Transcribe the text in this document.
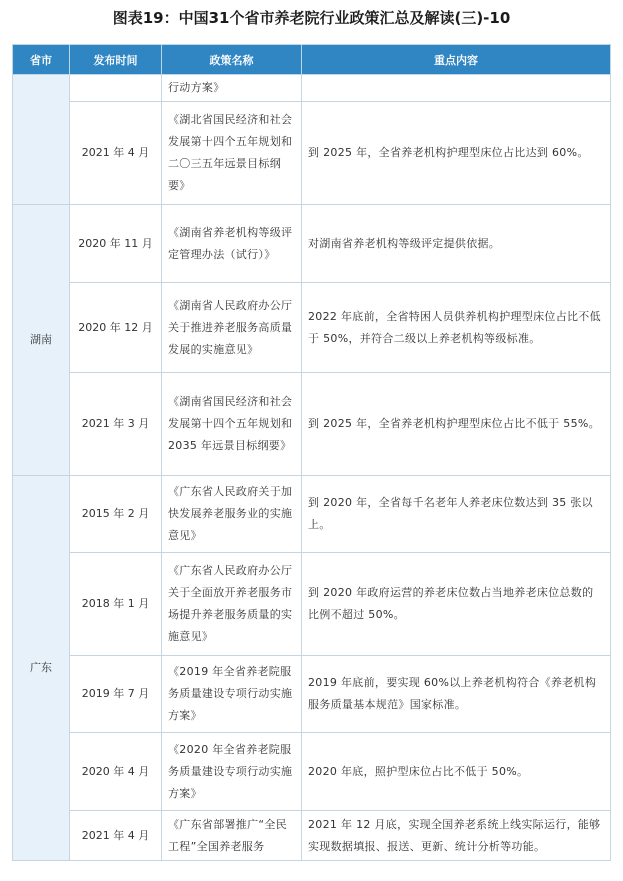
图表19：中国31个省市养老院行业政策汇总及解读(三)-10
省市	发布时间	政策名称	重点内容
		行动方案》	
	2021 年 4 月	《湖北省国民经济和社会发展第十四个五年规划和二〇三五年远景目标纲要》	到 2025 年，全省养老机构护理型床位占比达到 60%。
湖南	2020 年 11 月	《湖南省养老机构等级评定管理办法（试行）》	对湖南省养老机构等级评定提供依据。
	2020 年 12 月	《湖南省人民政府办公厅关于推进养老服务高质量发展的实施意见》	2022 年底前，全省特困人员供养机构护理型床位占比不低于 50%，并符合二级以上养老机构等级标准。
	2021 年 3 月	《湖南省国民经济和社会发展第十四个五年规划和 2035 年远景目标纲要》	到 2025 年，全省养老机构护理型床位占比不低于 55%。
广东	2015 年 2 月	《广东省人民政府关于加快发展养老服务业的实施意见》	到 2020 年，全省每千名老年人养老床位数达到 35 张以上。
	2018 年 1 月	《广东省人民政府办公厅关于全面放开养老服务市场提升养老服务质量的实施意见》	到 2020 年政府运营的养老床位数占当地养老床位总数的比例不超过 50%。
	2019 年 7 月	《2019 年全省养老院服务质量建设专项行动实施方案》	2019 年底前，要实现 60%以上养老机构符合《养老机构服务质量基本规范》国家标准。
	2020 年 4 月	《2020 年全省养老院服务质量建设专项行动实施方案》	2020 年底，照护型床位占比不低于 50%。
	2021 年 4 月	《广东省部署推广“全民工程”全国养老服务	2021 年 12 月底，实现全国养老系统上线实际运行，能够实现数据填报、报送、更新、统计分析等功能。
